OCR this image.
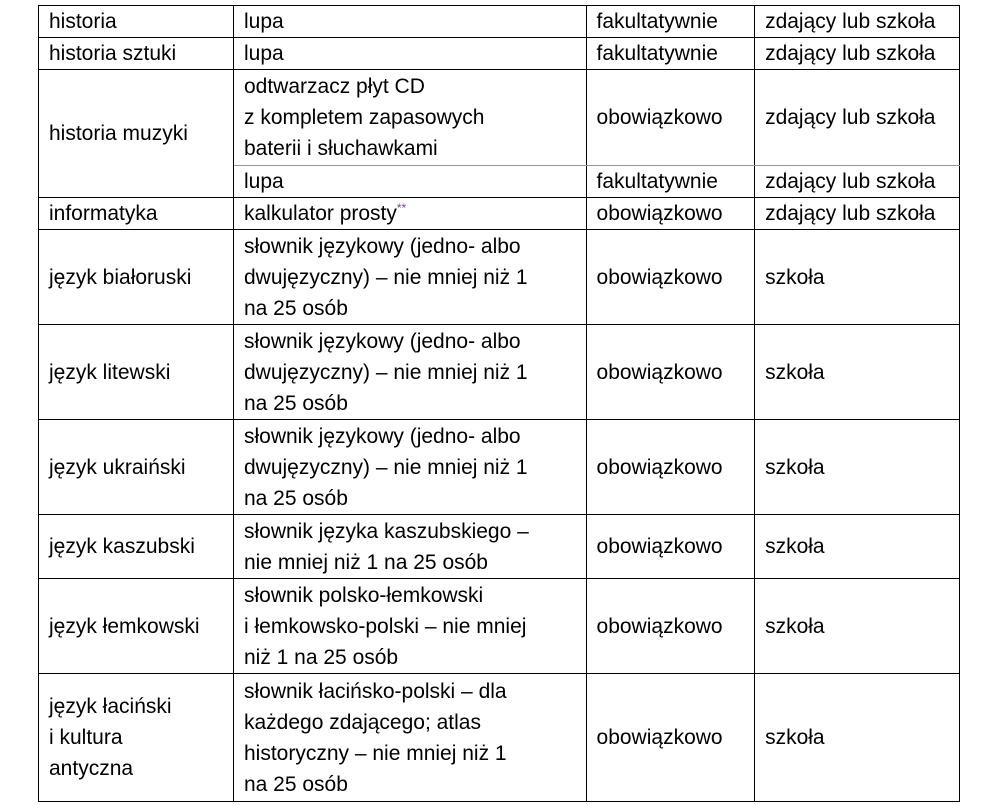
historia	lupa	fakultatywnie	zdający lub szkoła

historia sztuki	lupa	fakultatywnie	zdający lub szkoła

historia muzyki	odtwarzacz płyt CD
z kompletem zapasowych
baterii i słuchawkami	obowiązkowo	zdający lub szkoła

	lupa	fakultatywnie	zdający lub szkoła

informatyka	kalkulator prosty**	obowiązkowo	zdający lub szkoła

język białoruski	słownik językowy (jedno- albo
dwujęzyczny) – nie mniej niż 1
na 25 osób	obowiązkowo	szkoła

język litewski	słownik językowy (jedno- albo
dwujęzyczny) – nie mniej niż 1
na 25 osób	obowiązkowo	szkoła

język ukraiński	słownik językowy (jedno- albo
dwujęzyczny) – nie mniej niż 1
na 25 osób	obowiązkowo	szkoła

język kaszubski	słownik języka kaszubskiego –
nie mniej niż 1 na 25 osób	obowiązkowo	szkoła

język łemkowski	słownik polsko-łemkowski
i łemkowsko-polski – nie mniej
niż 1 na 25 osób	obowiązkowo	szkoła

język łaciński
i kultura
antyczna	słownik łacińsko-polski – dla
każdego zdającego; atlas
historyczny – nie mniej niż 1
na 25 osób	obowiązkowo	szkoła
